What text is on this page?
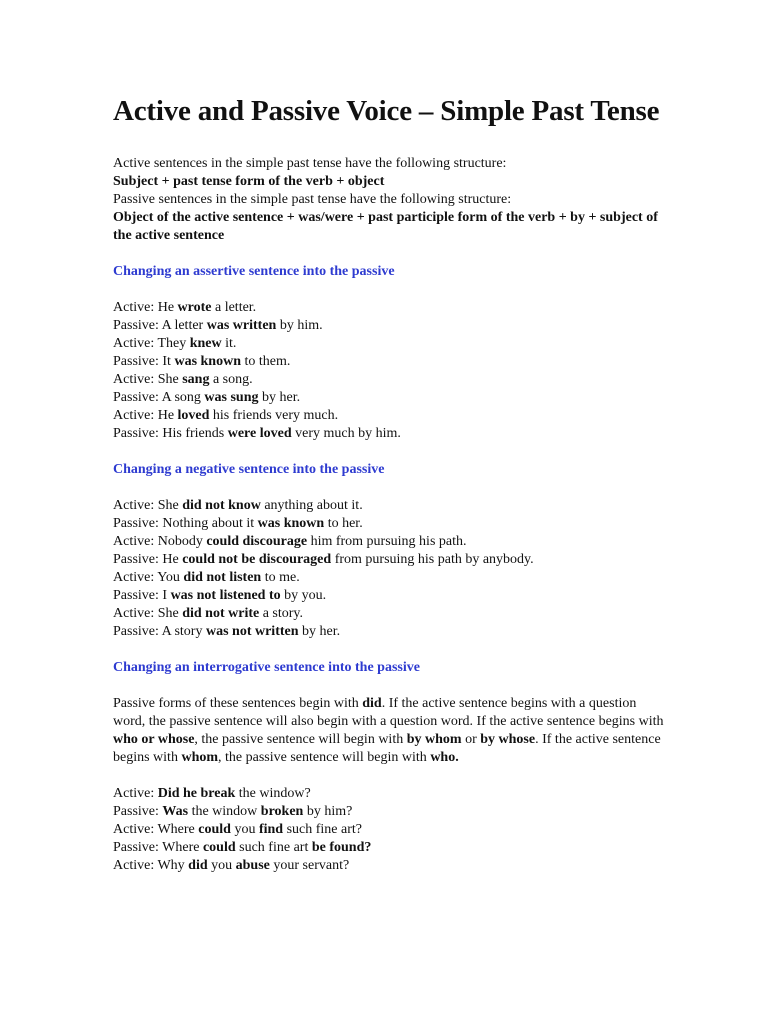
Active and Passive Voice – Simple Past Tense

Active sentences in the simple past tense have the following structure:

Subject + past tense form of the verb + object

Passive sentences in the simple past tense have the following structure:

Object of the active sentence + was/were + past participle form of the verb + by + subject of the active sentence

Changing an assertive sentence into the passive

Active: He wrote a letter.

Passive: A letter was written by him.

Active: They knew it.

Passive: It was known to them.

Active: She sang a song.

Passive: A song was sung by her.

Active: He loved his friends very much.

Passive: His friends were loved very much by him.

Changing a negative sentence into the passive

Active: She did not know anything about it.

Passive: Nothing about it was known to her.

Active: Nobody could discourage him from pursuing his path.

Passive: He could not be discouraged from pursuing his path by anybody.

Active: You did not listen to me.

Passive: I was not listened to by you.

Active: She did not write a story.

Passive: A story was not written by her.

Changing an interrogative sentence into the passive

Passive forms of these sentences begin with did. If the active sentence begins with a question word, the passive sentence will also begin with a question word. If the active sentence begins with who or whose, the passive sentence will begin with by whom or by whose. If the active sentence begins with whom, the passive sentence will begin with who.

Active: Did he break the window?

Passive: Was the window broken by him?

Active: Where could you find such fine art?

Passive: Where could such fine art be found?

Active: Why did you abuse your servant?
